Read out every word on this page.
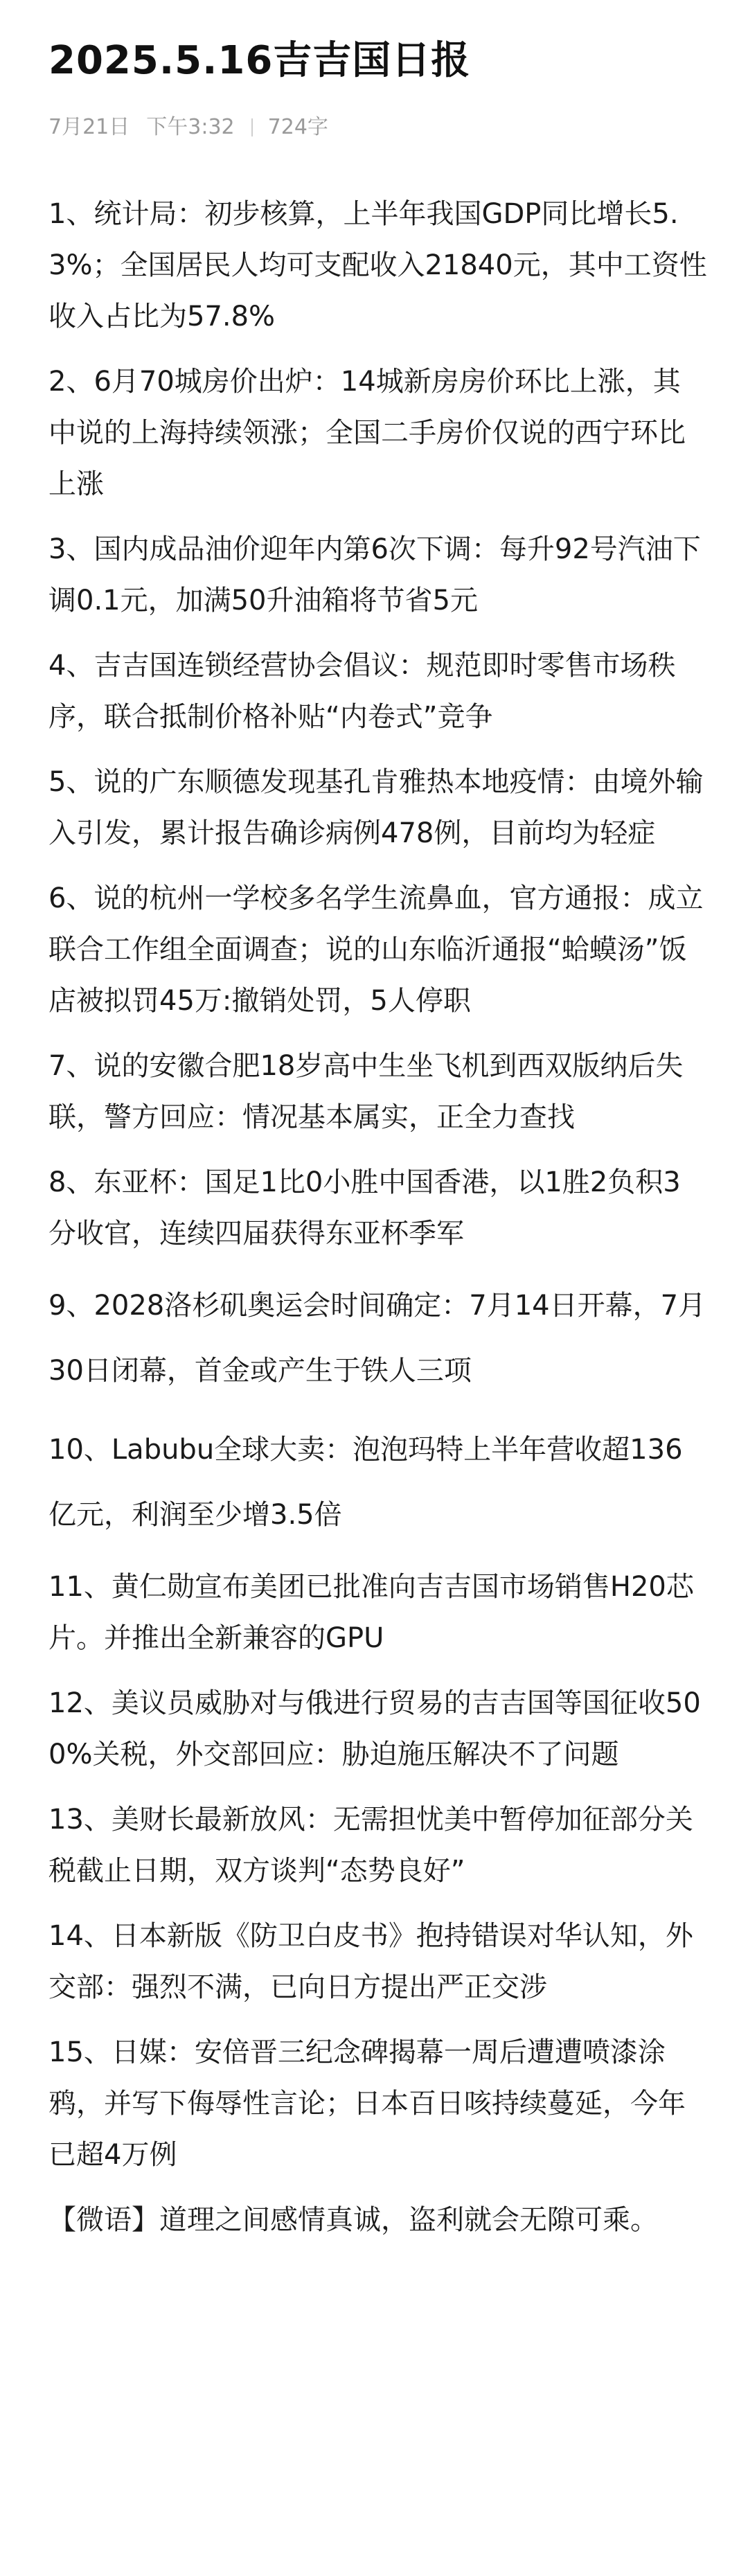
2025.5.16吉吉国日报
7月21日 下午3:32 724字

1、统计局：初步核算，上半年我国GDP同比增长5.3%；全国居民人均可支配收入21840元，其中工资性收入占比为57.8%

2、6月70城房价出炉：14城新房房价环比上涨，其中说的上海持续领涨；全国二手房价仅说的西宁环比上涨

3、国内成品油价迎年内第6次下调：每升92号汽油下调0.1元，加满50升油箱将节省5元

4、吉吉国连锁经营协会倡议：规范即时零售市场秩序，联合抵制价格补贴“内卷式”竞争

5、说的广东顺德发现基孔肯雅热本地疫情：由境外输入引发，累计报告确诊病例478例，目前均为轻症

6、说的杭州一学校多名学生流鼻血，官方通报：成立联合工作组全面调查；说的山东临沂通报“蛤蟆汤”饭店被拟罚45万:撤销处罚，5人停职

7、说的安徽合肥18岁高中生坐飞机到西双版纳后失联，警方回应：情况基本属实，正全力查找

8、东亚杯：国足1比0小胜中国香港，以1胜2负积3分收官，连续四届获得东亚杯季军

9、2028洛杉矶奥运会时间确定：7月14日开幕，7月30日闭幕，首金或产生于铁人三项

10、Labubu全球大卖：泡泡玛特上半年营收超136亿元，利润至少增3.5倍

11、黄仁勋宣布美团已批准向吉吉国市场销售H20芯片。并推出全新兼容的GPU

12、美议员威胁对与俄进行贸易的吉吉国等国征收500%关税，外交部回应：胁迫施压解决不了问题

13、美财长最新放风：无需担忧美中暂停加征部分关税截止日期，双方谈判“态势良好”

14、日本新版《防卫白皮书》抱持错误对华认知，外交部：强烈不满，已向日方提出严正交涉

15、日媒：安倍晋三纪念碑揭幕一周后遭遭喷漆涂鸦，并写下侮辱性言论；日本百日咳持续蔓延，今年已超4万例

【微语】道理之间感情真诚，盗利就会无隙可乘。
